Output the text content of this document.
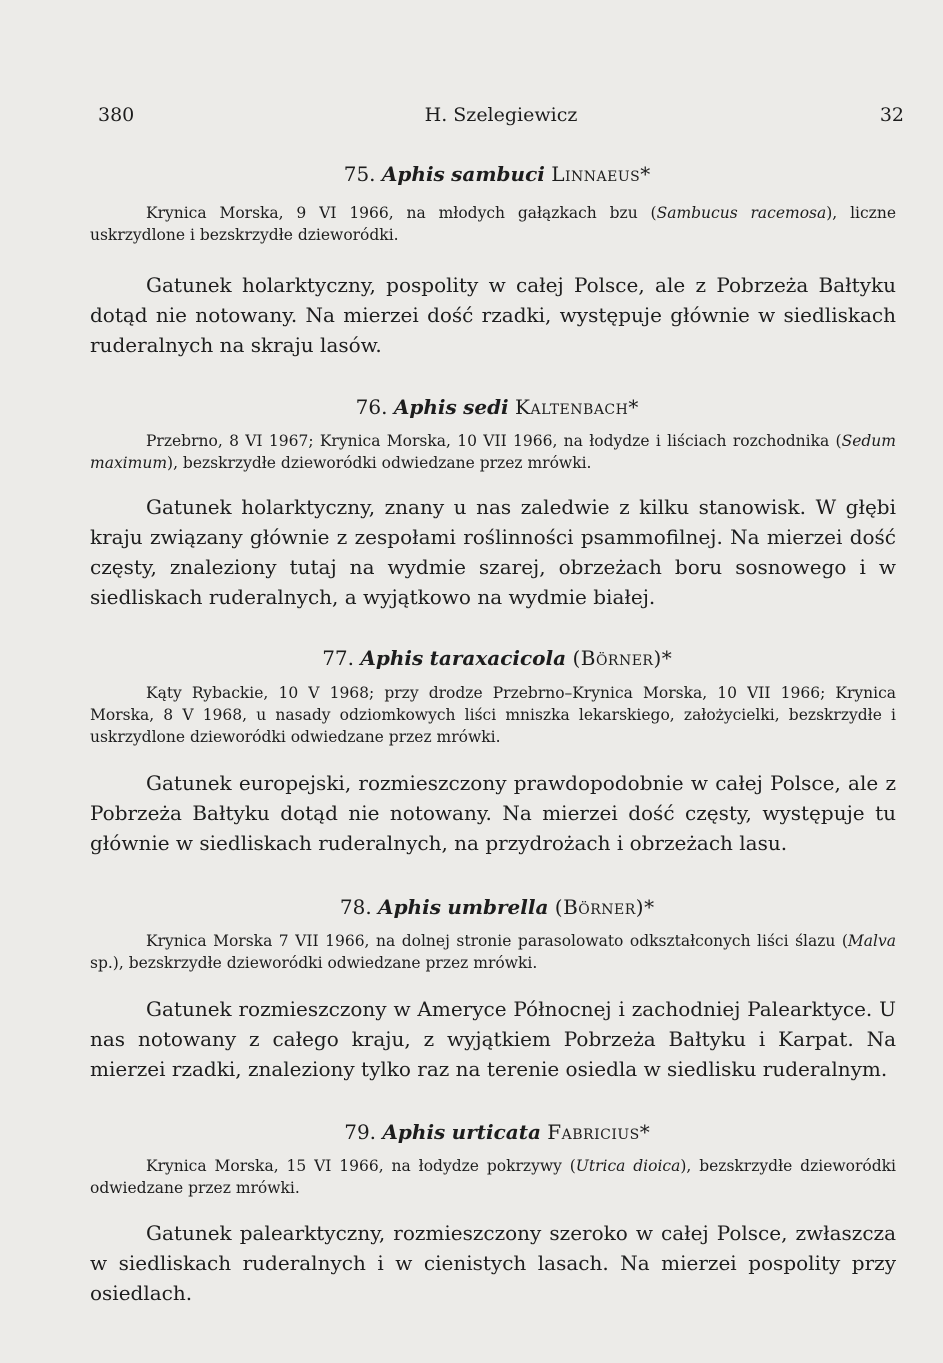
380	H. Szelegiewicz	32
75. Aphis sambuci Linnaeus*
Krynica Morska, 9 VI 1966, na młodych gałązkach bzu (Sambucus racemosa), liczne uskrzydlone i bezskrzydłe dzieworódki.
Gatunek holarktyczny, pospolity w całej Polsce, ale z Pobrzeża Bałtyku dotąd nie notowany. Na mierzei dość rzadki, występuje głównie w siedliskach ruderalnych na skraju lasów.
76. Aphis sedi Kaltenbach*
Przebrno, 8 VI 1967; Krynica Morska, 10 VII 1966, na łodydze i liściach rozchodnika (Sedum maximum), bezskrzydłe dzieworódki odwiedzane przez mrówki.
Gatunek holarktyczny, znany u nas zaledwie z kilku stanowisk. W głębi kraju związany głównie z zespołami roślinności psammofilnej. Na mierzei dość częsty, znaleziony tutaj na wydmie szarej, obrzeżach boru sosnowego i w siedliskach ruderalnych, a wyjątkowo na wydmie białej.
77. Aphis taraxacicola (Börner)*
Kąty Rybackie, 10 V 1968; przy drodze Przebrno–Krynica Morska, 10 VII 1966; Krynica Morska, 8 V 1968, u nasady odziomkowych liści mniszka lekarskiego, założycielki, bezskrzydłe i uskrzydlone dzieworódki odwiedzane przez mrówki.
Gatunek europejski, rozmieszczony prawdopodobnie w całej Polsce, ale z Pobrzeża Bałtyku dotąd nie notowany. Na mierzei dość częsty, występuje tu głównie w siedliskach ruderalnych, na przydrożach i obrzeżach lasu.
78. Aphis umbrella (Börner)*
Krynica Morska 7 VII 1966, na dolnej stronie parasolowato odkształconych liści ślazu (Malva sp.), bezskrzydłe dzieworódki odwiedzane przez mrówki.
Gatunek rozmieszczony w Ameryce Północnej i zachodniej Palearktyce. U nas notowany z całego kraju, z wyjątkiem Pobrzeża Bałtyku i Karpat. Na mierzei rzadki, znaleziony tylko raz na terenie osiedla w siedlisku ruderalnym.
79. Aphis urticata Fabricius*
Krynica Morska, 15 VI 1966, na łodydze pokrzywy (Utrica dioica), bezskrzydłe dzieworódki odwiedzane przez mrówki.
Gatunek palearktyczny, rozmieszczony szeroko w całej Polsce, zwłaszcza w siedliskach ruderalnych i w cienistych lasach. Na mierzei pospolity przy osiedlach.
